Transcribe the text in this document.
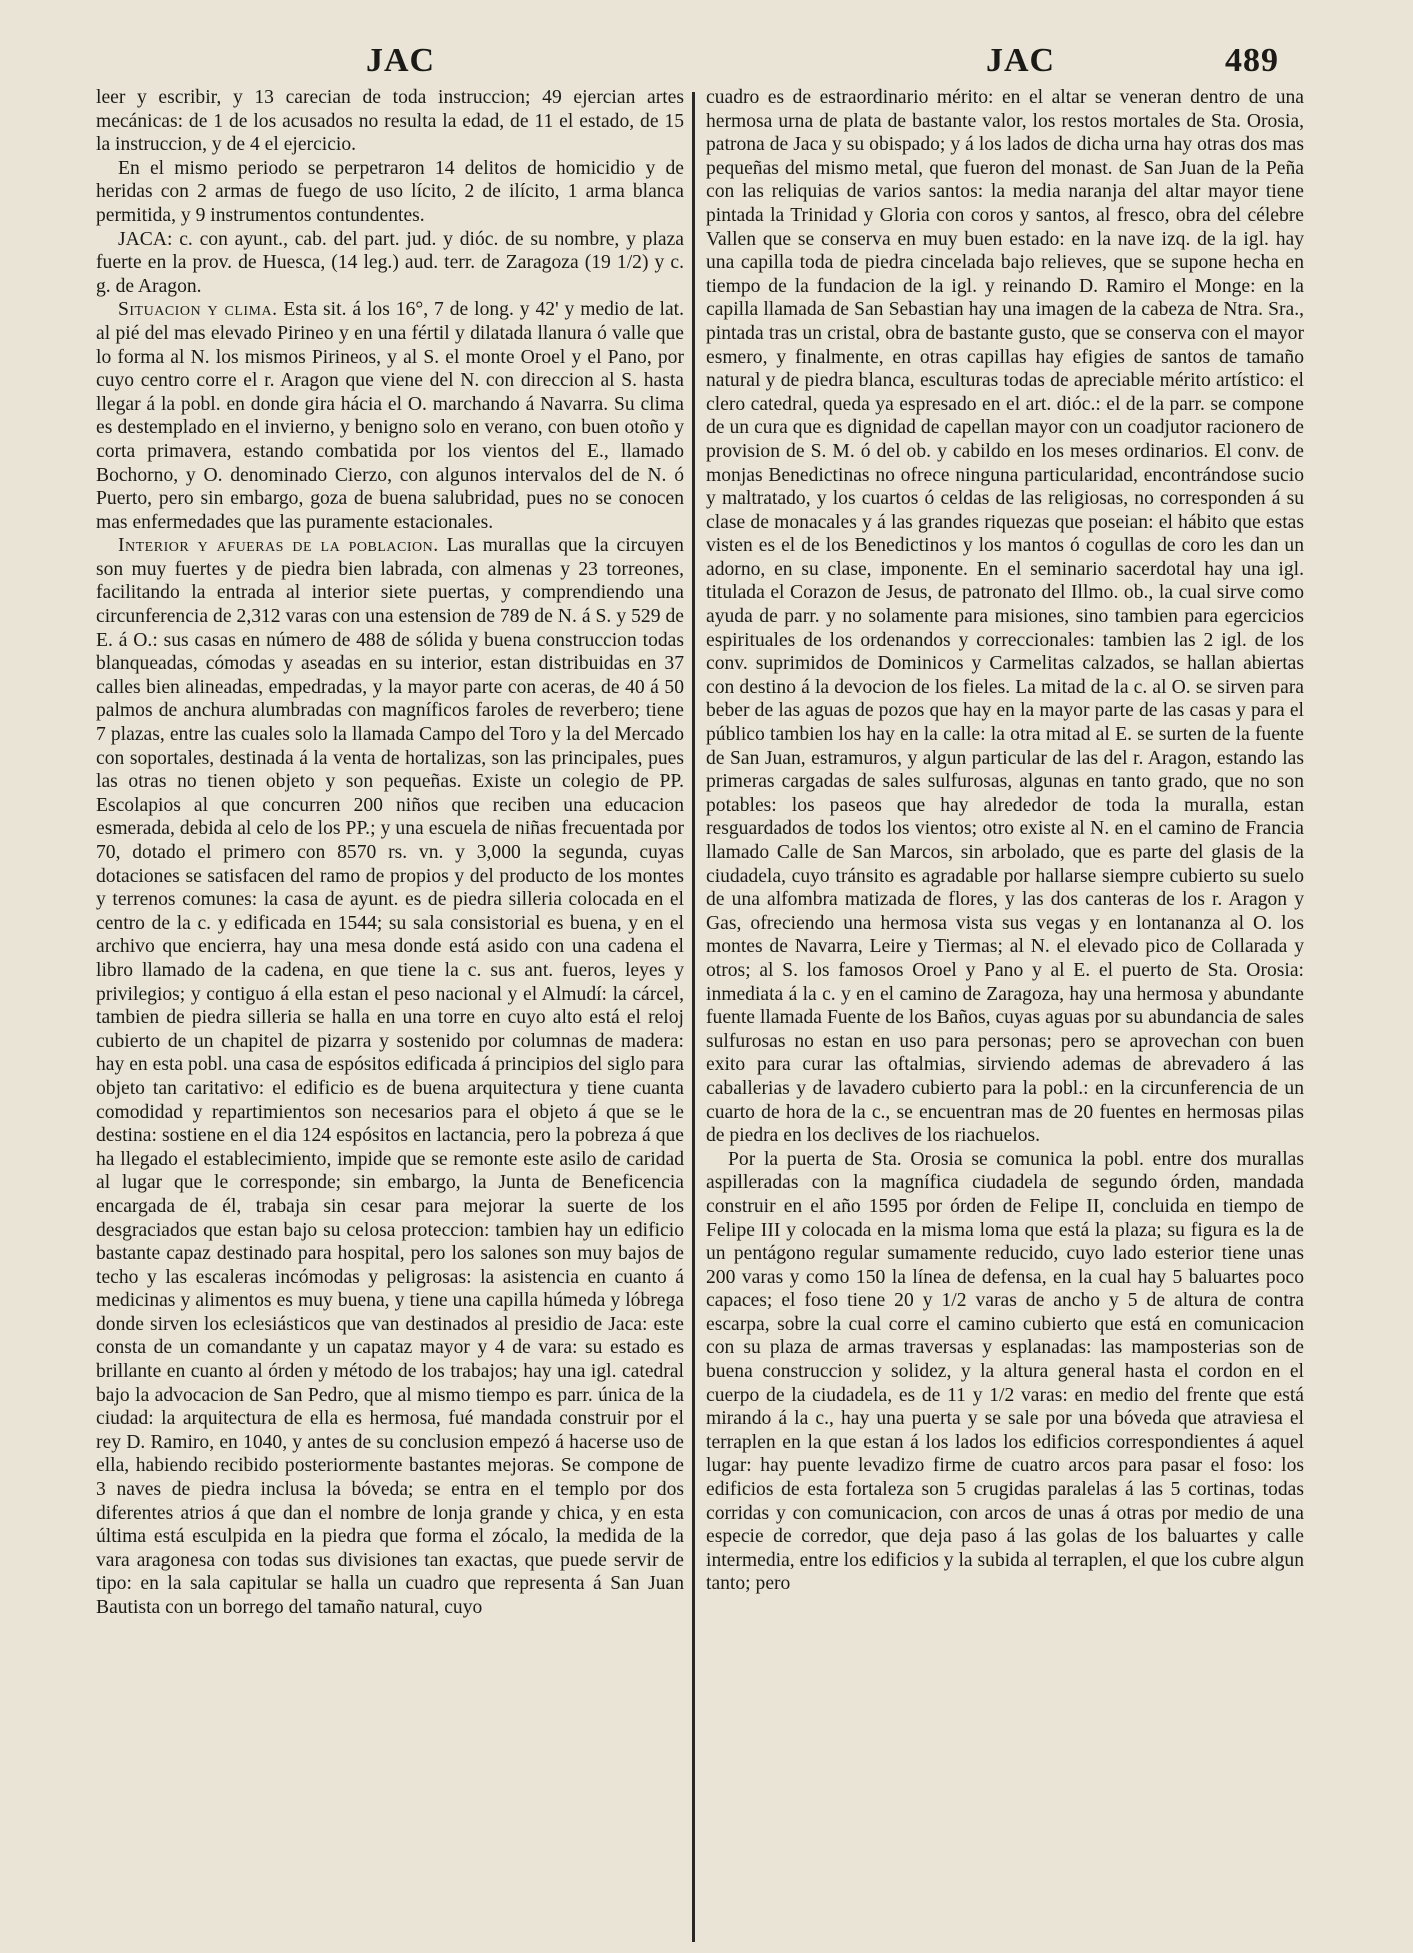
JAC	JAC	489

leer y escribir, y 13 carecian de toda instruccion; 49 ejercian artes mecánicas: de 1 de los acusados no resulta la edad, de 11 el estado, de 15 la instruccion, y de 4 el ejercicio.

En el mismo periodo se perpetraron 14 delitos de homicidio y de heridas con 2 armas de fuego de uso lícito, 2 de ilícito, 1 arma blanca permitida, y 9 instrumentos contundentes.

JACA: c. con ayunt., cab. del part. jud. y dióc. de su nombre, y plaza fuerte en la prov. de Huesca, (14 leg.) aud. terr. de Zaragoza (19 1/2) y c. g. de Aragon.

Situacion y clima. Esta sit. á los 16°, 7 de long. y 42' y medio de lat. al pié del mas elevado Pirineo y en una fértil y dilatada llanura ó valle que lo forma al N. los mismos Pirineos, y al S. el monte Oroel y el Pano, por cuyo centro corre el r. Aragon que viene del N. con direccion al S. hasta llegar á la pobl. en donde gira hácia el O. marchando á Navarra. Su clima es destemplado en el invierno, y benigno solo en verano, con buen otoño y corta primavera, estando combatida por los vientos del E., llamado Bochorno, y O. denominado Cierzo, con algunos intervalos del de N. ó Puerto, pero sin embargo, goza de buena salubridad, pues no se conocen mas enfermedades que las puramente estacionales.

Interior y afueras de la poblacion. Las murallas que la circuyen son muy fuertes y de piedra bien labrada, con almenas y 23 torreones, facilitando la entrada al interior siete puertas, y comprendiendo una circunferencia de 2,312 varas con una estension de 789 de N. á S. y 529 de E. á O.: sus casas en número de 488 de sólida y buena construccion todas blanqueadas, cómodas y aseadas en su interior, estan distribuidas en 37 calles bien alineadas, empedradas, y la mayor parte con aceras, de 40 á 50 palmos de anchura alumbradas con magníficos faroles de reverbero; tiene 7 plazas, entre las cuales solo la llamada Campo del Toro y la del Mercado con soportales, destinada á la venta de hortalizas, son las principales, pues las otras no tienen objeto y son pequeñas. Existe un colegio de PP. Escolapios al que concurren 200 niños que reciben una educacion esmerada, debida al celo de los PP.; y una escuela de niñas frecuentada por 70, dotado el primero con 8570 rs. vn. y 3,000 la segunda, cuyas dotaciones se satisfacen del ramo de propios y del producto de los montes y terrenos comunes: la casa de ayunt. es de piedra silleria colocada en el centro de la c. y edificada en 1544; su sala consistorial es buena, y en el archivo que encierra, hay una mesa donde está asido con una cadena el libro llamado de la cadena, en que tiene la c. sus ant. fueros, leyes y privilegios; y contiguo á ella estan el peso nacional y el Almudí: la cárcel, tambien de piedra silleria se halla en una torre en cuyo alto está el reloj cubierto de un chapitel de pizarra y sostenido por columnas de madera: hay en esta pobl. una casa de espósitos edificada á principios del siglo para objeto tan caritativo: el edificio es de buena arquitectura y tiene cuanta comodidad y repartimientos son necesarios para el objeto á que se le destina: sostiene en el dia 124 espósitos en lactancia, pero la pobreza á que ha llegado el establecimiento, impide que se remonte este asilo de caridad al lugar que le corresponde; sin embargo, la Junta de Beneficencia encargada de él, trabaja sin cesar para mejorar la suerte de los desgraciados que estan bajo su celosa proteccion: tambien hay un edificio bastante capaz destinado para hospital, pero los salones son muy bajos de techo y las escaleras incómodas y peligrosas: la asistencia en cuanto á medicinas y alimentos es muy buena, y tiene una capilla húmeda y lóbrega donde sirven los eclesiásticos que van destinados al presidio de Jaca: este consta de un comandante y un capataz mayor y 4 de vara: su estado es brillante en cuanto al órden y método de los trabajos; hay una igl. catedral bajo la advocacion de San Pedro, que al mismo tiempo es parr. única de la ciudad: la arquitectura de ella es hermosa, fué mandada construir por el rey D. Ramiro, en 1040, y antes de su conclusion empezó á hacerse uso de ella, habiendo recibido posteriormente bastantes mejoras. Se compone de 3 naves de piedra inclusa la bóveda; se entra en el templo por dos diferentes atrios á que dan el nombre de lonja grande y chica, y en esta última está esculpida en la piedra que forma el zócalo, la medida de la vara aragonesa con todas sus divisiones tan exactas, que puede servir de tipo: en la sala capitular se halla un cuadro que representa á San Juan Bautista con un borrego del tamaño natural, cuyo

cuadro es de estraordinario mérito: en el altar se veneran dentro de una hermosa urna de plata de bastante valor, los restos mortales de Sta. Orosia, patrona de Jaca y su obispado; y á los lados de dicha urna hay otras dos mas pequeñas del mismo metal, que fueron del monast. de San Juan de la Peña con las reliquias de varios santos: la media naranja del altar mayor tiene pintada la Trinidad y Gloria con coros y santos, al fresco, obra del célebre Vallen que se conserva en muy buen estado: en la nave izq. de la igl. hay una capilla toda de piedra cincelada bajo relieves, que se supone hecha en tiempo de la fundacion de la igl. y reinando D. Ramiro el Monge: en la capilla llamada de San Sebastian hay una imagen de la cabeza de Ntra. Sra., pintada tras un cristal, obra de bastante gusto, que se conserva con el mayor esmero, y finalmente, en otras capillas hay efigies de santos de tamaño natural y de piedra blanca, esculturas todas de apreciable mérito artístico: el clero catedral, queda ya espresado en el art. dióc.: el de la parr. se compone de un cura que es dignidad de capellan mayor con un coadjutor racionero de provision de S. M. ó del ob. y cabildo en los meses ordinarios. El conv. de monjas Benedictinas no ofrece ninguna particularidad, encontrándose sucio y maltratado, y los cuartos ó celdas de las religiosas, no corresponden á su clase de monacales y á las grandes riquezas que poseian: el hábito que estas visten es el de los Benedictinos y los mantos ó cogullas de coro les dan un adorno, en su clase, imponente. En el seminario sacerdotal hay una igl. titulada el Corazon de Jesus, de patronato del Illmo. ob., la cual sirve como ayuda de parr. y no solamente para misiones, sino tambien para egercicios espirituales de los ordenandos y correccionales: tambien las 2 igl. de los conv. suprimidos de Dominicos y Carmelitas calzados, se hallan abiertas con destino á la devocion de los fieles. La mitad de la c. al O. se sirven para beber de las aguas de pozos que hay en la mayor parte de las casas y para el público tambien los hay en la calle: la otra mitad al E. se surten de la fuente de San Juan, estramuros, y algun particular de las del r. Aragon, estando las primeras cargadas de sales sulfurosas, algunas en tanto grado, que no son potables: los paseos que hay alrededor de toda la muralla, estan resguardados de todos los vientos; otro existe al N. en el camino de Francia llamado Calle de San Marcos, sin arbolado, que es parte del glasis de la ciudadela, cuyo tránsito es agradable por hallarse siempre cubierto su suelo de una alfombra matizada de flores, y las dos canteras de los r. Aragon y Gas, ofreciendo una hermosa vista sus vegas y en lontananza al O. los montes de Navarra, Leire y Tiermas; al N. el elevado pico de Collarada y otros; al S. los famosos Oroel y Pano y al E. el puerto de Sta. Orosia: inmediata á la c. y en el camino de Zaragoza, hay una hermosa y abundante fuente llamada Fuente de los Baños, cuyas aguas por su abundancia de sales sulfurosas no estan en uso para personas; pero se aprovechan con buen exito para curar las oftalmias, sirviendo ademas de abrevadero á las caballerias y de lavadero cubierto para la pobl.: en la circunferencia de un cuarto de hora de la c., se encuentran mas de 20 fuentes en hermosas pilas de piedra en los declives de los riachuelos.

Por la puerta de Sta. Orosia se comunica la pobl. entre dos murallas aspilleradas con la magnífica ciudadela de segundo órden, mandada construir en el año 1595 por órden de Felipe II, concluida en tiempo de Felipe III y colocada en la misma loma que está la plaza; su figura es la de un pentágono regular sumamente reducido, cuyo lado esterior tiene unas 200 varas y como 150 la línea de defensa, en la cual hay 5 baluartes poco capaces; el foso tiene 20 y 1/2 varas de ancho y 5 de altura de contra escarpa, sobre la cual corre el camino cubierto que está en comunicacion con su plaza de armas traversas y esplanadas: las mamposterias son de buena construccion y solidez, y la altura general hasta el cordon en el cuerpo de la ciudadela, es de 11 y 1/2 varas: en medio del frente que está mirando á la c., hay una puerta y se sale por una bóveda que atraviesa el terraplen en la que estan á los lados los edificios correspondientes á aquel lugar: hay puente levadizo firme de cuatro arcos para pasar el foso: los edificios de esta fortaleza son 5 crugidas paralelas á las 5 cortinas, todas corridas y con comunicacion, con arcos de unas á otras por medio de una especie de corredor, que deja paso á las golas de los baluartes y calle intermedia, entre los edificios y la subida al terraplen, el que los cubre algun tanto; pero
